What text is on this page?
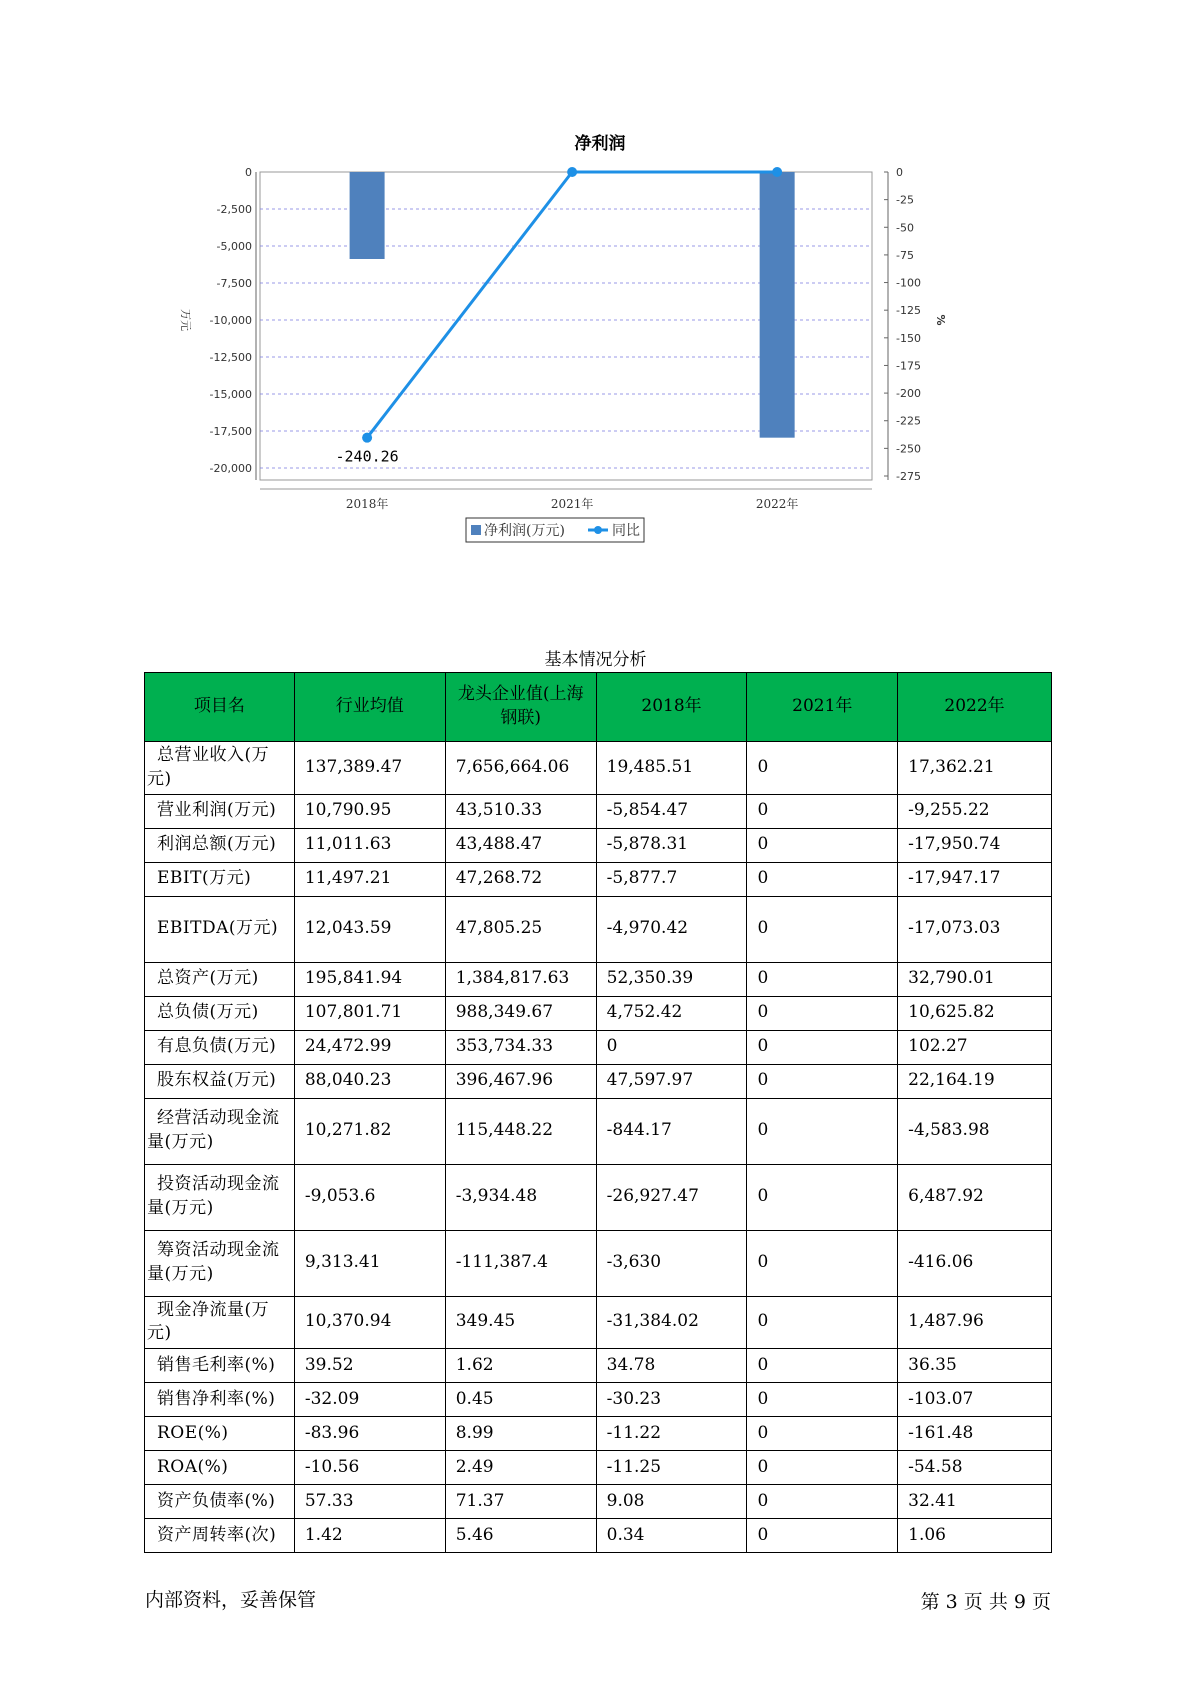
净利润
0
-2,500
-5,000
-7,500
-10,000
-12,500
-15,000
-17,500
-20,000
0
-25
-50
-75
-100
-125
-150
-175
-200
-225
-250
-275
万元	%
2018年	2021年	2022年
-240.26
净利润(万元)	同比
基本情况分析
项目名	行业均值	龙头企业值(上海钢联)	2018年	2021年	2022年
总营业收入(万元)	137,389.47	7,656,664.06	19,485.51	0	17,362.21
营业利润(万元)	10,790.95	43,510.33	-5,854.47	0	-9,255.22
利润总额(万元)	11,011.63	43,488.47	-5,878.31	0	-17,950.74
EBIT(万元)	11,497.21	47,268.72	-5,877.7	0	-17,947.17
EBITDA(万元)	12,043.59	47,805.25	-4,970.42	0	-17,073.03
总资产(万元)	195,841.94	1,384,817.63	52,350.39	0	32,790.01
总负债(万元)	107,801.71	988,349.67	4,752.42	0	10,625.82
有息负债(万元)	24,472.99	353,734.33	0	0	102.27
股东权益(万元)	88,040.23	396,467.96	47,597.97	0	22,164.19
经营活动现金流量(万元)	10,271.82	115,448.22	-844.17	0	-4,583.98
投资活动现金流量(万元)	-9,053.6	-3,934.48	-26,927.47	0	6,487.92
筹资活动现金流量(万元)	9,313.41	-111,387.4	-3,630	0	-416.06
现金净流量(万元)	10,370.94	349.45	-31,384.02	0	1,487.96
销售毛利率(%)	39.52	1.62	34.78	0	36.35
销售净利率(%)	-32.09	0.45	-30.23	0	-103.07
ROE(%)	-83.96	8.99	-11.22	0	-161.48
ROA(%)	-10.56	2.49	-11.25	0	-54.58
资产负债率(%)	57.33	71.37	9.08	0	32.41
资产周转率(次)	1.42	5.46	0.34	0	1.06
内部资料，妥善保管	第 3 页 共 9 页
